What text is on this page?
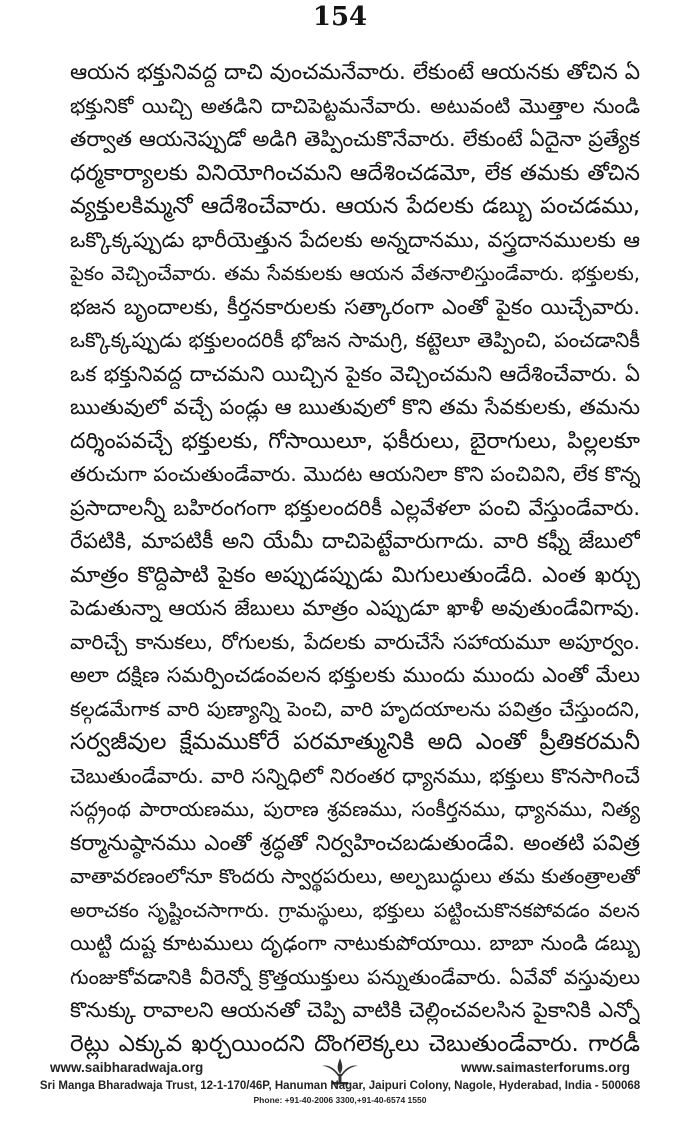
154
ఆయన భక్తునివద్ద దాచి వుంచమనేవారు. లేకుంటే ఆయనకు తోచిన ఏ
భక్తునికో యిచ్చి అతడిని దాచిపెట్టమనేవారు. అటువంటి మొత్తాల నుండి
తర్వాత ఆయనెప్పుడో అడిగి తెప్పించుకొనేవారు. లేకుంటే ఏదైనా ప్రత్యేక
ధర్మకార్యాలకు వినియోగించమని ఆదేశించడమో, లేక తమకు తోచిన
వ్యక్తులకిమ్మనో ఆదేశించేవారు. ఆయన పేదలకు డబ్బు పంచడము,
ఒక్కొక్కప్పుడు భారీయెత్తున పేదలకు అన్నదానము, వస్త్రదానములకు ఆ
పైకం వెచ్చించేవారు. తమ సేవకులకు ఆయన వేతనాలిస్తుండేవారు. భక్తులకు,
భజన బృందాలకు, కీర్తనకారులకు సత్కారంగా ఎంతో పైకం యిచ్చేవారు.
ఒక్కొక్కప్పుడు భక్తులందరికీ భోజన సామగ్రి, కట్టెలూ తెప్పించి, పంచడానికీ
ఒక భక్తునివద్ద దాచమని యిచ్చిన పైకం వెచ్చించమని ఆదేశించేవారు. ఏ
ఋతువులో వచ్చే పండ్లు ఆ ఋతువులో కొని తమ సేవకులకు, తమను
దర్శింపవచ్చే భక్తులకు, గోసాయిలూ, ఫకీరులు, బైరాగులు, పిల్లలకూ
తరుచుగా పంచుతుండేవారు. మొదట ఆయనిలా కొని పంచివిని, లేక కొన్న
ప్రసాదాలన్నీ బహిరంగంగా భక్తులందరికీ ఎల్లవేళలా పంచి వేస్తుండేవారు.
రేపటికి, మాపటికీ అని యేమీ దాచిపెట్టేవారుగాదు. వారి కఫ్నీ జేబులో
మాత్రం కొద్దిపాటి పైకం అప్పుడప్పుడు మిగులుతుండేది. ఎంత ఖర్చు
పెడుతున్నా ఆయన జేబులు మాత్రం ఎప్పుడూ ఖాళీ అవుతుండేవిగావు.
వారిచ్చే కానుకలు, రోగులకు, పేదలకు వారుచేసే సహాయమూ అపూర్వం.
అలా దక్షిణ సమర్పించడంవలన భక్తులకు ముందు ముందు ఎంతో మేలు
కల్గడమేగాక వారి పుణ్యాన్ని పెంచి, వారి హృదయాలను పవిత్రం చేస్తుందని,
సర్వజీవుల క్షేమముకోరే పరమాత్మునికి అది ఎంతో ప్రీతికరమనీ
చెబుతుండేవారు. వారి సన్నిధిలో నిరంతర ధ్యానము, భక్తులు కొనసాగించే
సద్గ్రంథ పారాయణము, పురాణ శ్రవణము, సంకీర్తనము, ధ్యానము, నిత్య
కర్మానుష్ఠానము ఎంతో శ్రద్ధతో నిర్వహించబడుతుండేవి. అంతటి పవిత్ర
వాతావరణంలోనూ కొందరు స్వార్థపరులు, అల్పబుద్ధులు తమ కుతంత్రాలతో
అరాచకం సృష్టించసాగారు. గ్రామస్థులు, భక్తులు పట్టించుకొనకపోవడం వలన
యిట్టి దుష్ట కూటములు దృఢంగా నాటుకుపోయాయి. బాబా నుండి డబ్బు
గుంజుకోవడానికి వీరెన్నో క్రొత్తయుక్తులు పన్నుతుండేవారు. ఏవేవో వస్తువులు
కొనుక్కు రావాలని ఆయనతో చెప్పి వాటికి చెల్లించవలసిన పైకానికి ఎన్నో
రెట్లు ఎక్కువ ఖర్చయిందని దొంగలెక్కలు చెబుతుండేవారు. గారడీ
www.saibharadwaja.org	www.saimasterforums.org
Sri Manga Bharadwaja Trust, 12-1-170/46P, Hanuman Nagar, Jaipuri Colony, Nagole, Hyderabad, India - 500068
Phone: +91-40-2006 3300,+91-40-6574 1550
